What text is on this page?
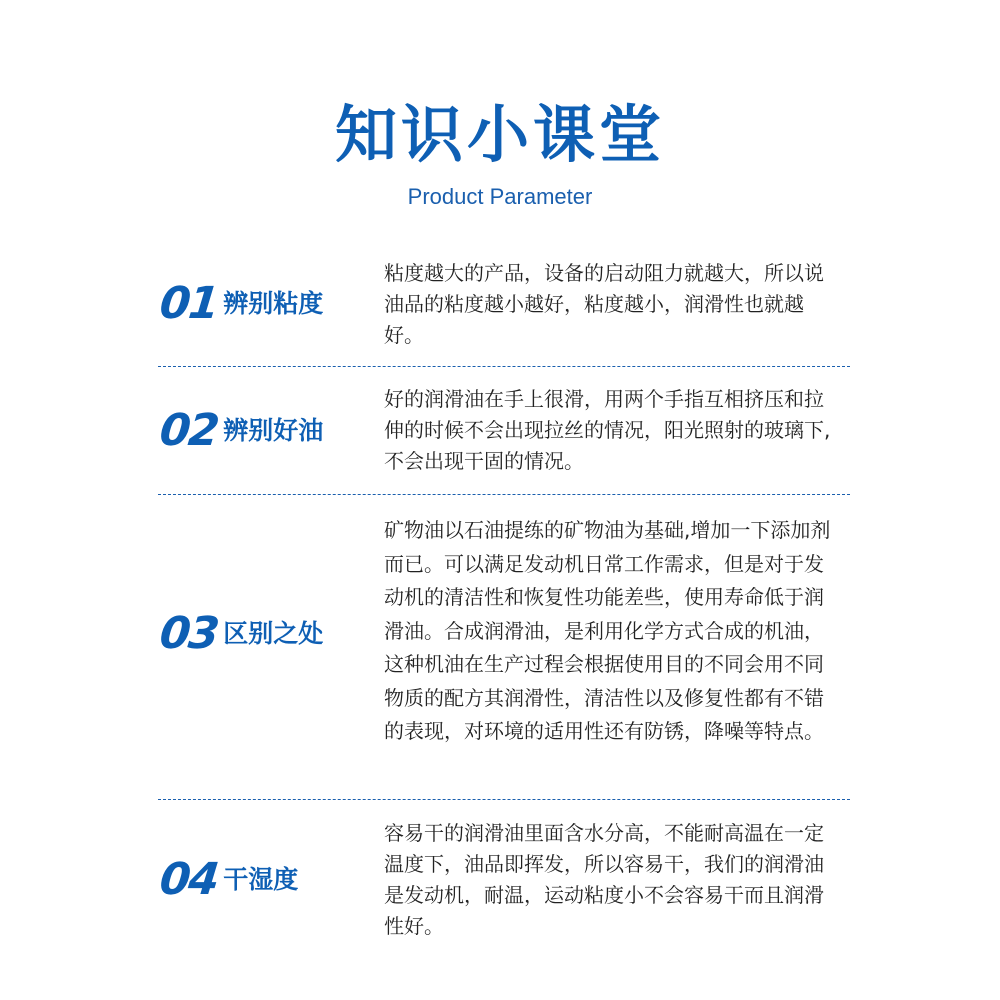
知识小课堂
Product Parameter
01 辨别粘度

粘度越大的产品，设备的启动阻力就越大，所以说油品的粘度越小越好，粘度越小，润滑性也就越好。

02 辨别好油

好的润滑油在手上很滑，用两个手指互相挤压和拉伸的时候不会出现拉丝的情况，阳光照射的玻璃下,不会出现干固的情况。

03 区别之处

矿物油以石油提练的矿物油为基础,增加一下添加剂而已。可以满足发动机日常工作需求，但是对于发动机的清洁性和恢复性功能差些，使用寿命低于润滑油。合成润滑油，是利用化学方式合成的机油，这种机油在生产过程会根据使用目的不同会用不同物质的配方其润滑性，清洁性以及修复性都有不错的表现，对环境的适用性还有防锈，降噪等特点。

04 干湿度

容易干的润滑油里面含水分高，不能耐高温在一定温度下，油品即挥发，所以容易干，我们的润滑油是发动机，耐温，运动粘度小不会容易干而且润滑性好。
